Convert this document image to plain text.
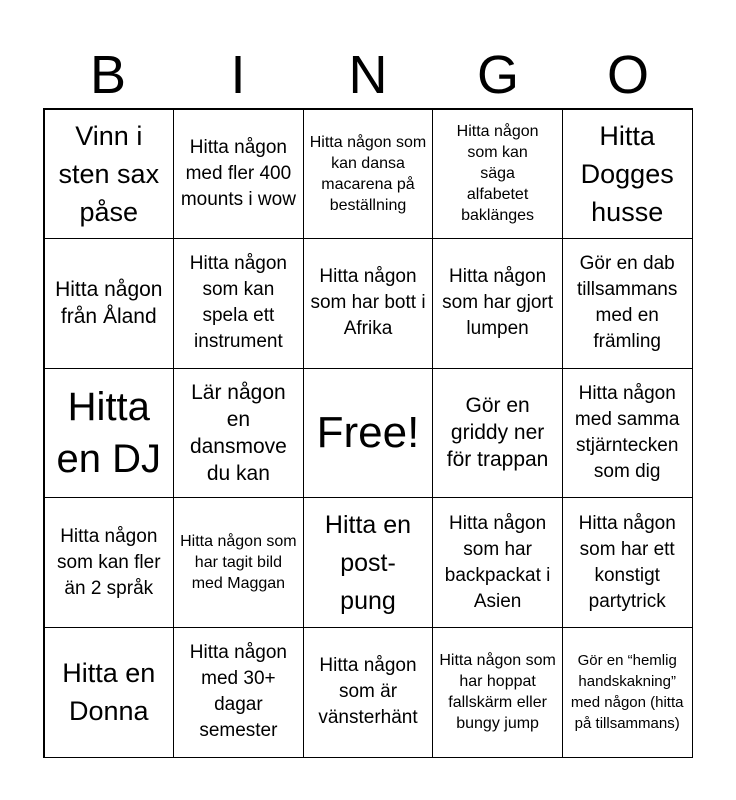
B	I	N	G	O
Vinn i sten sax påse
Hitta någon med fler 400 mounts i wow
Hitta någon som kan dansa macarena på beställning
Hitta någon som kan säga alfabetet baklänges
Hitta Dogges husse
Hitta någon från Åland
Hitta någon som kan spela ett instrument
Hitta någon som har bott i Afrika
Hitta någon som har gjort lumpen
Gör en dab tillsammans med en främling
Hitta en DJ
Lär någon en dansmove du kan
Free!
Gör en griddy ner för trappan
Hitta någon med samma stjärntecken som dig
Hitta någon som kan fler än 2 språk
Hitta någon som har tagit bild med Maggan
Hitta en post-pung
Hitta någon som har backpackat i Asien
Hitta någon som har ett konstigt partytrick
Hitta en Donna
Hitta någon med 30+ dagar semester
Hitta någon som är vänsterhänt
Hitta någon som har hoppat fallskärm eller bungy jump
Gör en “hemlig handskakning” med någon (hitta på tillsammans)
